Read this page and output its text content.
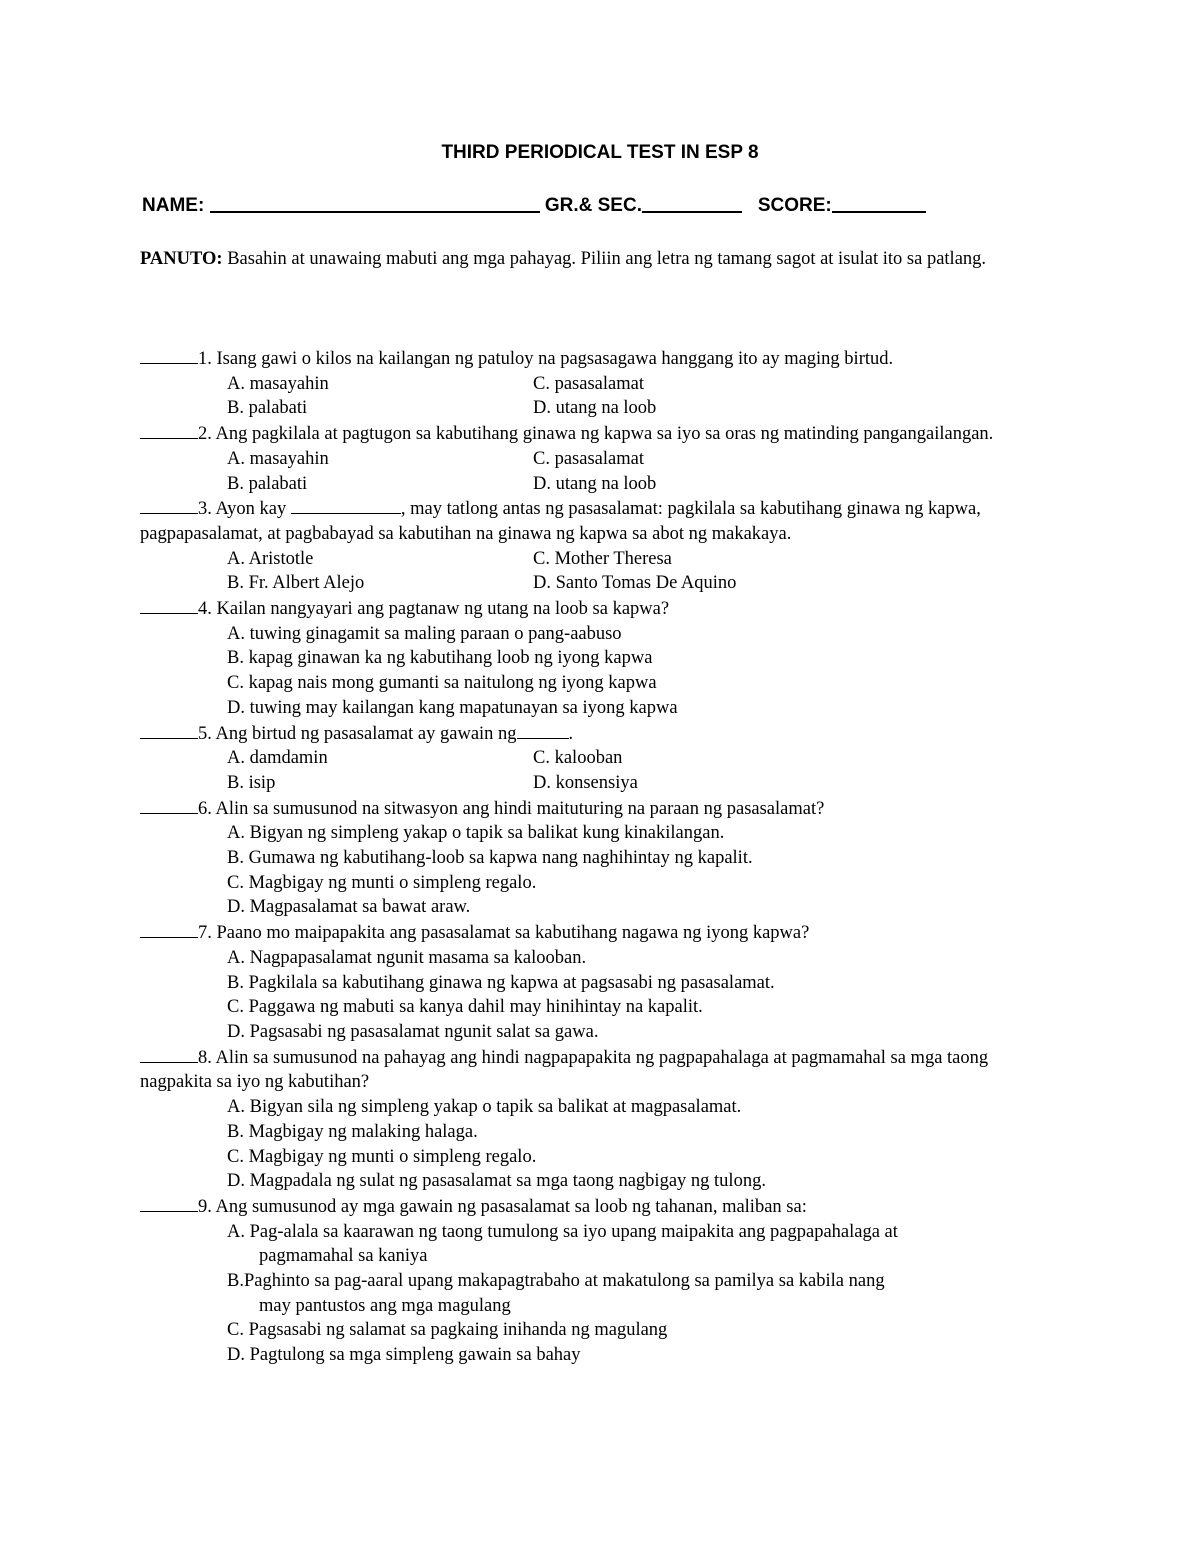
THIRD PERIODICAL TEST IN ESP 8
NAME:	GR.& SEC.	SCORE:
PANUTO: Basahin at unawaing mabuti ang mga pahayag. Piliin ang letra ng tamang sagot at isulat ito sa patlang.
1. Isang gawi o kilos na kailangan ng patuloy na pagsasagawa hanggang ito ay maging birtud.
A. masayahin	C. pasasalamat
B. palabati	D. utang na loob
2. Ang pagkilala at pagtugon sa kabutihang ginawa ng kapwa sa iyo sa oras ng matinding pangangailangan.
A. masayahin	C. pasasalamat
B. palabati	D. utang na loob
3. Ayon kay	, may tatlong antas ng pasasalamat: pagkilala sa kabutihang ginawa ng kapwa, pagpapasalamat, at pagbabayad sa kabutihan na ginawa ng kapwa sa abot ng makakaya.
A. Aristotle	C. Mother Theresa
B. Fr. Albert Alejo	D. Santo Tomas De Aquino
4. Kailan nangyayari ang pagtanaw ng utang na loob sa kapwa?
A. tuwing ginagamit sa maling paraan o pang-aabuso
B. kapag ginawan ka ng kabutihang loob ng iyong kapwa
C. kapag nais mong gumanti sa naitulong ng iyong kapwa
D. tuwing may kailangan kang mapatunayan sa iyong kapwa
5. Ang birtud ng pasasalamat ay gawain ng	.
A. damdamin	C. kalooban
B. isip	D. konsensiya
6. Alin sa sumusunod na sitwasyon ang hindi maituturing na paraan ng pasasalamat?
A. Bigyan ng simpleng yakap o tapik sa balikat kung kinakilangan.
B. Gumawa ng kabutihang-loob sa kapwa nang naghihintay ng kapalit.
C. Magbigay ng munti o simpleng regalo.
D. Magpasalamat sa bawat araw.
7. Paano mo maipapakita ang pasasalamat sa kabutihang nagawa ng iyong kapwa?
A. Nagpapasalamat ngunit masama sa kalooban.
B. Pagkilala sa kabutihang ginawa ng kapwa at pagsasabi ng pasasalamat.
C. Paggawa ng mabuti sa kanya dahil may hinihintay na kapalit.
D. Pagsasabi ng pasasalamat ngunit salat sa gawa.
8. Alin sa sumusunod na pahayag ang hindi nagpapapakita ng pagpapahalaga at pagmamahal sa mga taong nagpakita sa iyo ng kabutihan?
A. Bigyan sila ng simpleng yakap o tapik sa balikat at magpasalamat.
B. Magbigay ng malaking halaga.
C. Magbigay ng munti o simpleng regalo.
D. Magpadala ng sulat ng pasasalamat sa mga taong nagbigay ng tulong.
9. Ang sumusunod ay mga gawain ng pasasalamat sa loob ng tahanan, maliban sa:
A. Pag-alala sa kaarawan ng taong tumulong sa iyo upang maipakita ang pagpapahalaga at
pagmamahal sa kaniya
B.Paghinto sa pag-aaral upang makapagtrabaho at makatulong sa pamilya sa kabila nang
may pantustos ang mga magulang
C. Pagsasabi ng salamat sa pagkaing inihanda ng magulang
D. Pagtulong sa mga simpleng gawain sa bahay
